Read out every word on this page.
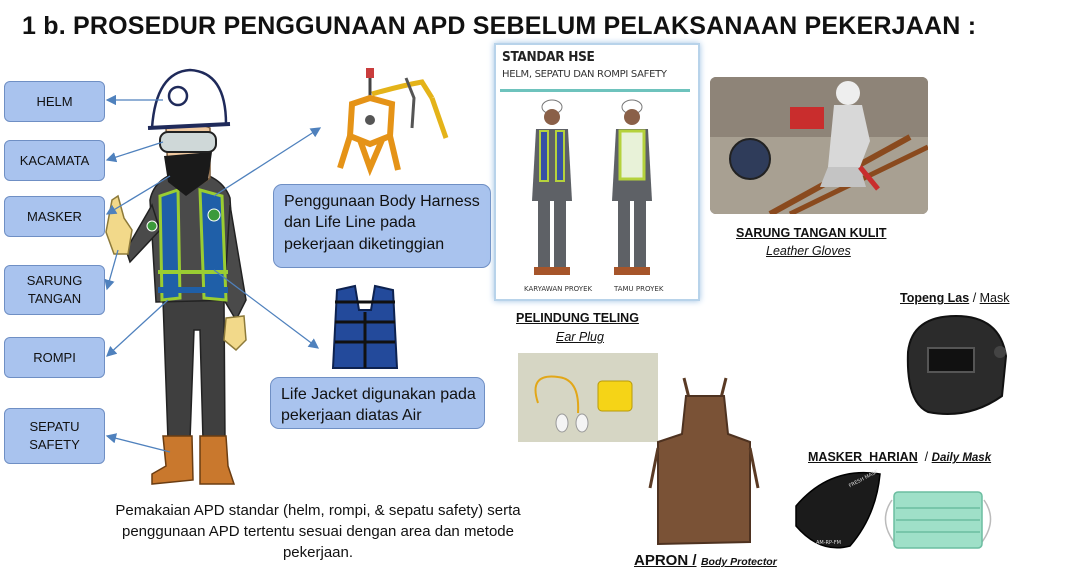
1 b. PROSEDUR PENGGUNAAN APD SEBELUM PELAKSANAAN PEKERJAAN :
HELM
KACAMATA
MASKER
SARUNG
TANGAN
ROMPI
SEPATU
SAFETY
Penggunaan Body Harness
dan Life Line pada
pekerjaan diketinggian
Life Jacket digunakan pada
pekerjaan diatas Air
STANDAR HSE
HELM, SEPATU DAN ROMPI SAFETY
KARYAWAN PROYEK	TAMU PROYEK
SARUNG TANGAN KULIT
Leather Gloves
PELINDUNG TELING
Ear Plug
Topeng Las / Mask
APRON / Body Protector
MASKER  HARIAN  / Daily Mask
FRESH MASK
AM-RP-FM
Pemakaian APD standar (helm, rompi, & sepatu safety) serta
penggunaan APD tertentu sesuai dengan area dan metode
pekerjaan.
